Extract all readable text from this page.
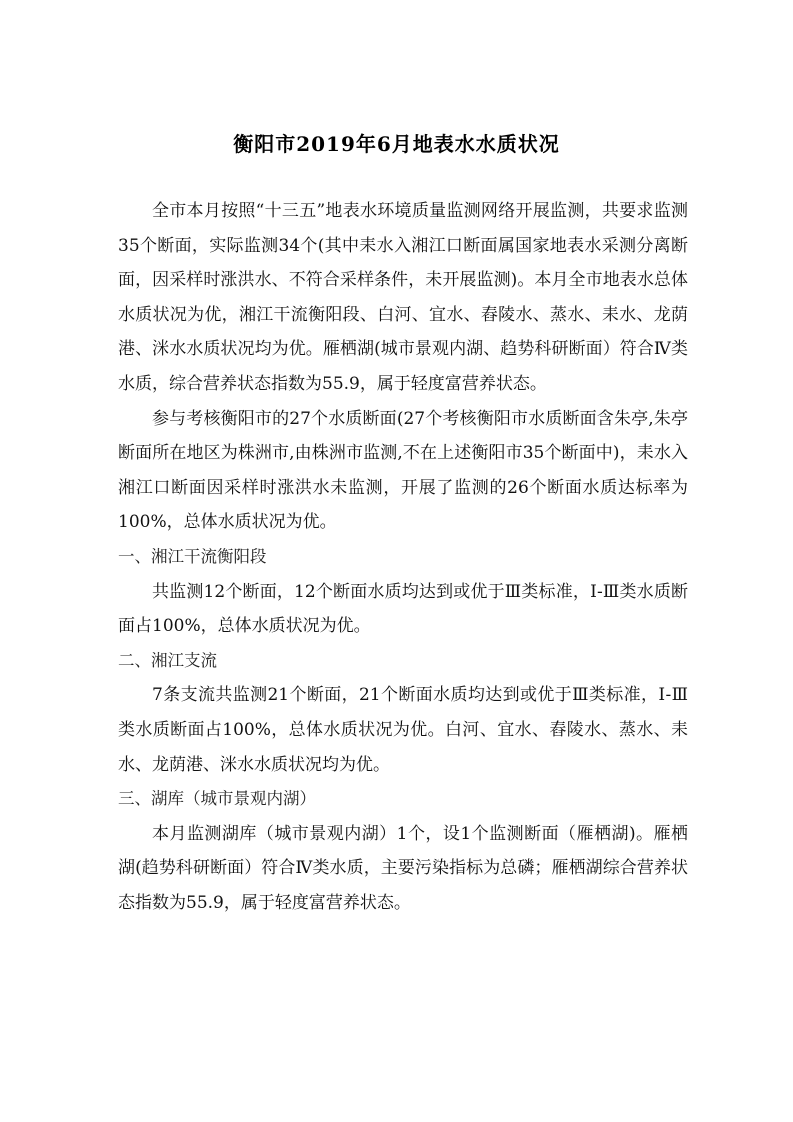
衡阳市2019年6月地表水水质状况

全市本月按照“十三五”地表水环境质量监测网络开展监测，共要求监测35个断面，实际监测34个(其中耒水入湘江口断面属国家地表水采测分离断面，因采样时涨洪水、不符合采样条件，未开展监测)。本月全市地表水总体水质状况为优，湘江干流衡阳段、白河、宜水、舂陵水、蒸水、耒水、龙荫港、洣水水质状况均为优。雁栖湖(城市景观内湖、趋势科研断面）符合Ⅳ类水质，综合营养状态指数为55.9，属于轻度富营养状态。

参与考核衡阳市的27个水质断面(27个考核衡阳市水质断面含朱亭,朱亭断面所在地区为株洲市,由株洲市监测,不在上述衡阳市35个断面中)，耒水入湘江口断面因采样时涨洪水未监测，开展了监测的26个断面水质达标率为100%，总体水质状况为优。

一、湘江干流衡阳段

共监测12个断面，12个断面水质均达到或优于Ⅲ类标准，Ⅰ-Ⅲ类水质断面占100%，总体水质状况为优。

二、湘江支流

7条支流共监测21个断面，21个断面水质均达到或优于Ⅲ类标准，Ⅰ-Ⅲ类水质断面占100%，总体水质状况为优。白河、宜水、舂陵水、蒸水、耒水、龙荫港、洣水水质状况均为优。

三、湖库（城市景观内湖）

本月监测湖库（城市景观内湖）1个，设1个监测断面（雁栖湖)。雁栖湖(趋势科研断面）符合Ⅳ类水质，主要污染指标为总磷；雁栖湖综合营养状态指数为55.9，属于轻度富营养状态。
